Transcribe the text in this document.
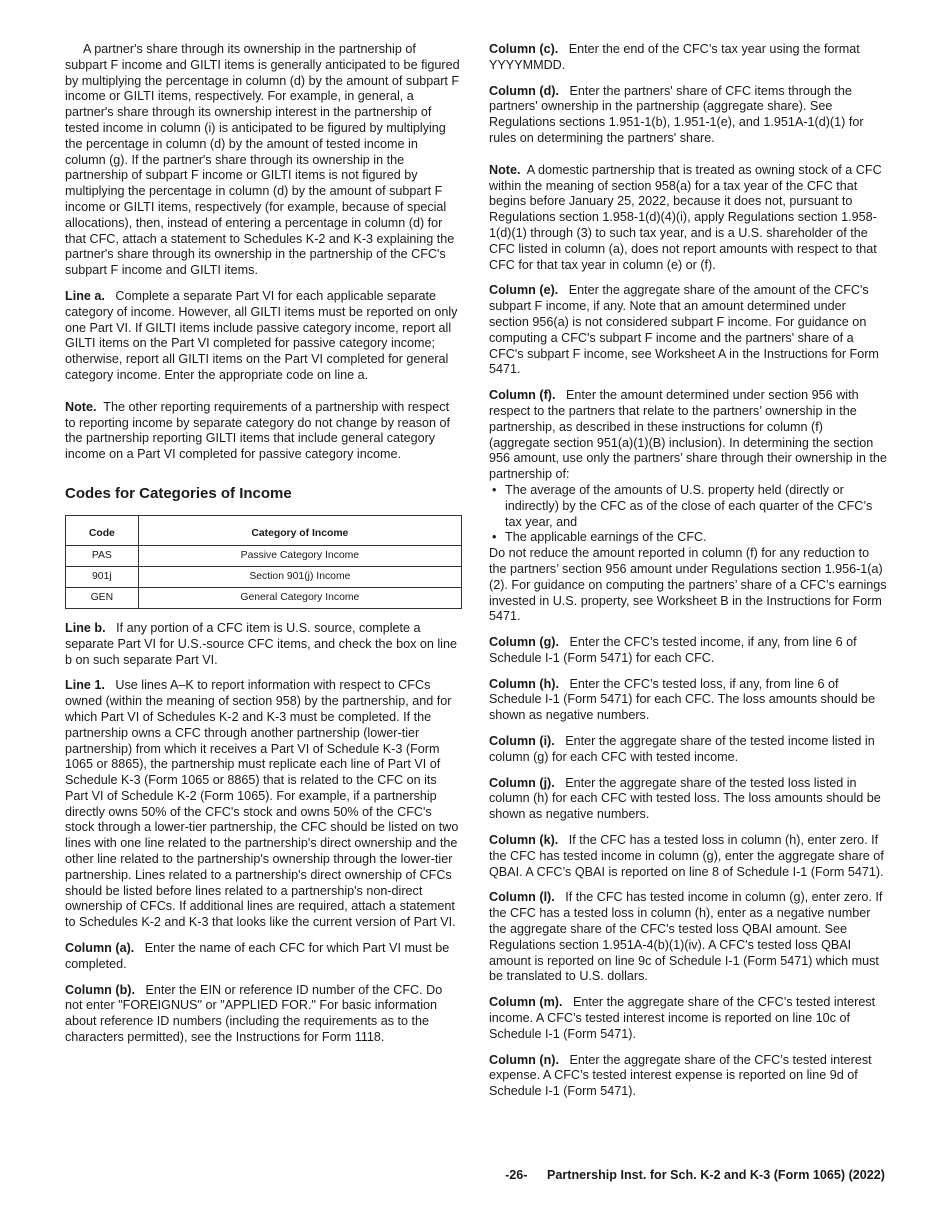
A partner's share through its ownership in the partnership of subpart F income and GILTI items is generally anticipated to be figured by multiplying the percentage in column (d) by the amount of subpart F income or GILTI items, respectively. For example, in general, a partner's share through its ownership interest in the partnership of tested income in column (i) is anticipated to be figured by multiplying the percentage in column (d) by the amount of tested income in column (g). If the partner's share through its ownership in the partnership of subpart F income or GILTI items is not figured by multiplying the percentage in column (d) by the amount of subpart F income or GILTI items, respectively (for example, because of special allocations), then, instead of entering a percentage in column (d) for that CFC, attach a statement to Schedules K-2 and K-3 explaining the partner's share through its ownership in the partnership of the CFC's subpart F income and GILTI items.

Line a. Complete a separate Part VI for each applicable separate category of income. However, all GILTI items must be reported on only one Part VI. If GILTI items include passive category income, report all GILTI items on the Part VI completed for passive category income; otherwise, report all GILTI items on the Part VI completed for general category income. Enter the appropriate code on line a.

Note. The other reporting requirements of a partnership with respect to reporting income by separate category do not change by reason of the partnership reporting GILTI items that include general category income on a Part VI completed for passive category income.

Codes for Categories of Income
Code	Category of Income
PAS	Passive Category Income
901j	Section 901(j) Income
GEN	General Category Income

Line b. If any portion of a CFC item is U.S. source, complete a separate Part VI for U.S.-source CFC items, and check the box on line b on such separate Part VI.

Line 1. Use lines A–K to report information with respect to CFCs owned (within the meaning of section 958) by the partnership, and for which Part VI of Schedules K-2 and K-3 must be completed. If the partnership owns a CFC through another partnership (lower-tier partnership) from which it receives a Part VI of Schedule K-3 (Form 1065 or 8865), the partnership must replicate each line of Part VI of Schedule K-3 (Form 1065 or 8865) that is related to the CFC on its Part VI of Schedule K-2 (Form 1065). For example, if a partnership directly owns 50% of the CFC's stock and owns 50% of the CFC's stock through a lower-tier partnership, the CFC should be listed on two lines with one line related to the partnership's direct ownership and the other line related to the partnership's ownership through the lower-tier partnership. Lines related to a partnership's direct ownership of CFCs should be listed before lines related to a partnership's non-direct ownership of CFCs. If additional lines are required, attach a statement to Schedules K-2 and K-3 that looks like the current version of Part VI.

Column (a). Enter the name of each CFC for which Part VI must be completed.

Column (b). Enter the EIN or reference ID number of the CFC. Do not enter "FOREIGNUS" or "APPLIED FOR." For basic information about reference ID numbers (including the requirements as to the characters permitted), see the Instructions for Form 1118.

Column (c). Enter the end of the CFC’s tax year using the format YYYYMMDD.

Column (d). Enter the partners' share of CFC items through the partners' ownership in the partnership (aggregate share). See Regulations sections 1.951-1(b), 1.951-1(e), and 1.951A-1(d)(1) for rules on determining the partners' share.

Note. A domestic partnership that is treated as owning stock of a CFC within the meaning of section 958(a) for a tax year of the CFC that begins before January 25, 2022, because it does not, pursuant to Regulations section 1.958-1(d)(4)(i), apply Regulations section 1.958-1(d)(1) through (3) to such tax year, and is a U.S. shareholder of the CFC listed in column (a), does not report amounts with respect to that CFC for that tax year in column (e) or (f).

Column (e). Enter the aggregate share of the amount of the CFC's subpart F income, if any. Note that an amount determined under section 956(a) is not considered subpart F income. For guidance on computing a CFC's subpart F income and the partners' share of a CFC's subpart F income, see Worksheet A in the Instructions for Form 5471.

Column (f). Enter the amount determined under section 956 with respect to the partners that relate to the partners’ ownership in the partnership, as described in these instructions for column (f) (aggregate section 951(a)(1)(B) inclusion). In determining the section 956 amount, use only the partners’ share through their ownership in the partnership of:

• The average of the amounts of U.S. property held (directly or indirectly) by the CFC as of the close of each quarter of the CFC’s tax year, and
• The applicable earnings of the CFC.

Do not reduce the amount reported in column (f) for any reduction to the partners’ section 956 amount under Regulations section 1.956-1(a)(2). For guidance on computing the partners’ share of a CFC’s earnings invested in U.S. property, see Worksheet B in the Instructions for Form 5471.

Column (g). Enter the CFC’s tested income, if any, from line 6 of Schedule I-1 (Form 5471) for each CFC.

Column (h). Enter the CFC’s tested loss, if any, from line 6 of Schedule I-1 (Form 5471) for each CFC. The loss amounts should be shown as negative numbers.

Column (i). Enter the aggregate share of the tested income listed in column (g) for each CFC with tested income.

Column (j). Enter the aggregate share of the tested loss listed in column (h) for each CFC with tested loss. The loss amounts should be shown as negative numbers.

Column (k). If the CFC has a tested loss in column (h), enter zero. If the CFC has tested income in column (g), enter the aggregate share of QBAI. A CFC’s QBAI is reported on line 8 of Schedule I-1 (Form 5471).

Column (l). If the CFC has tested income in column (g), enter zero. If the CFC has a tested loss in column (h), enter as a negative number the aggregate share of the CFC's tested loss QBAI amount. See Regulations section 1.951A-4(b)(1)(iv). A CFC's tested loss QBAI amount is reported on line 9c of Schedule I-1 (Form 5471) which must be translated to U.S. dollars.

Column (m). Enter the aggregate share of the CFC’s tested interest income. A CFC’s tested interest income is reported on line 10c of Schedule I-1 (Form 5471).

Column (n). Enter the aggregate share of the CFC’s tested interest expense. A CFC’s tested interest expense is reported on line 9d of Schedule I-1 (Form 5471).

-26- Partnership Inst. for Sch. K-2 and K-3 (Form 1065) (2022)
